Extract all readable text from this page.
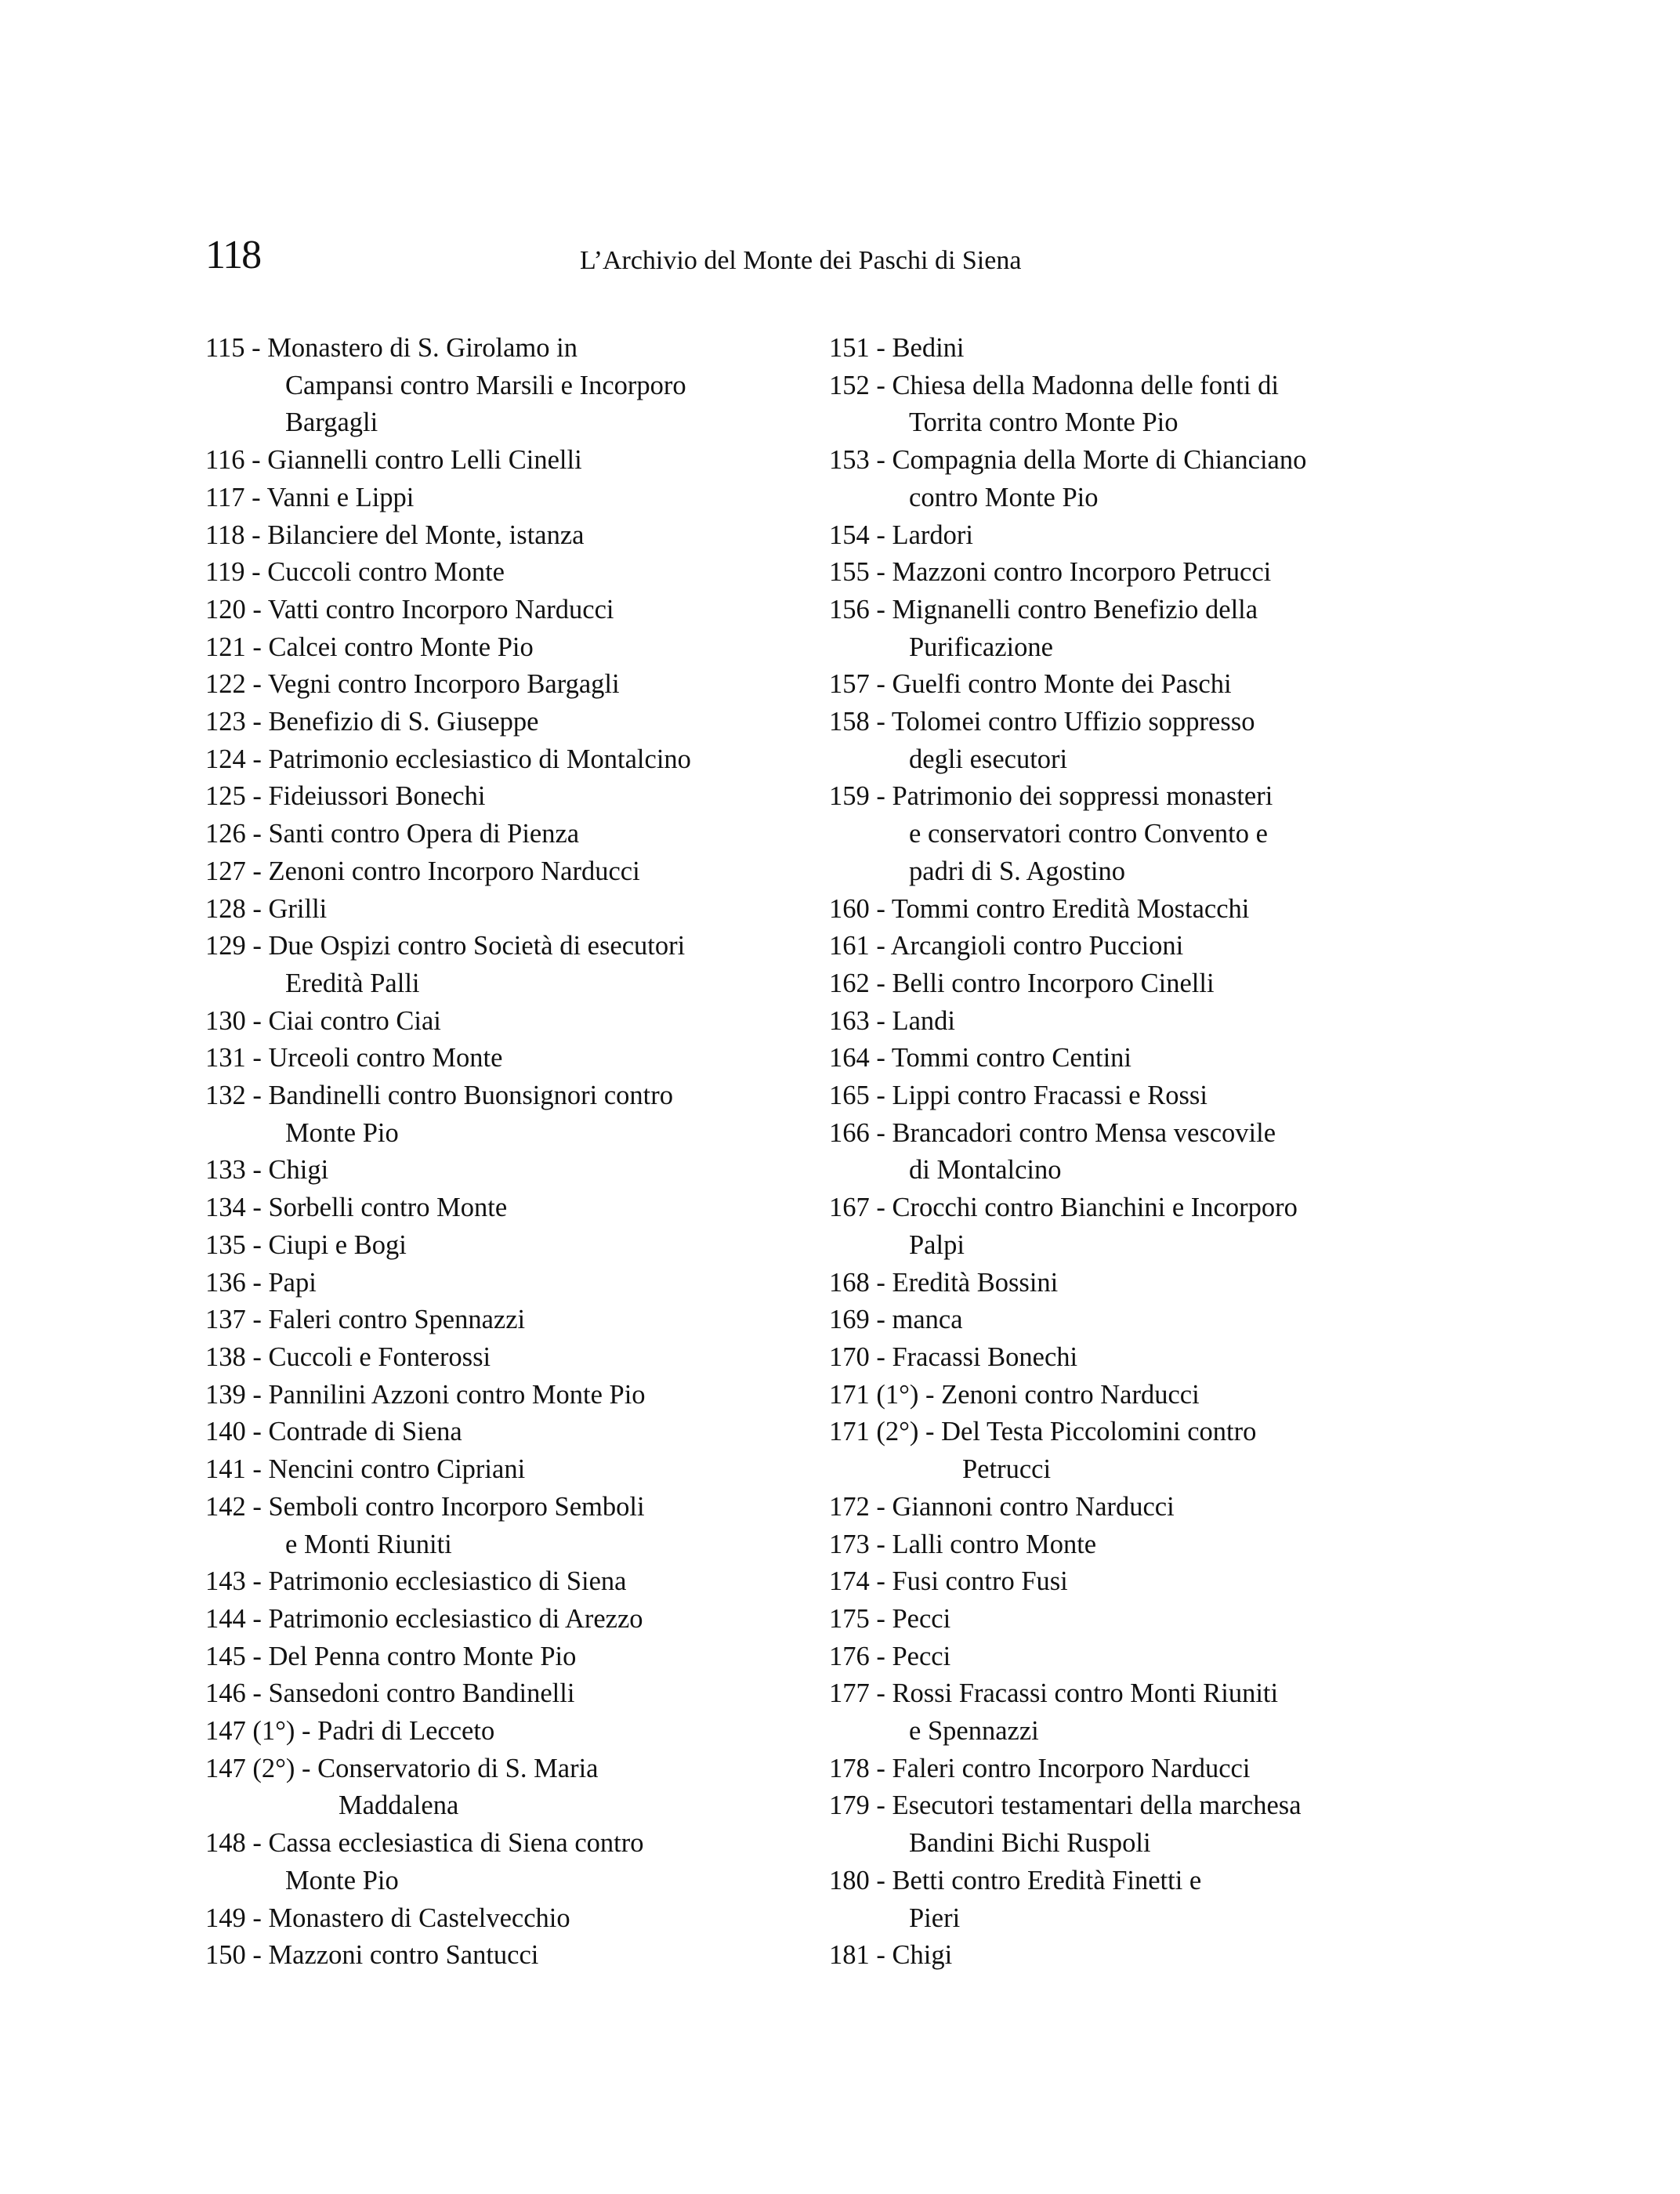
118	L’Archivio del Monte dei Paschi di Siena
115 - Monastero di S. Girolamo in
Campansi contro Marsili e Incorporo
Bargagli
116 - Giannelli contro Lelli Cinelli
117 - Vanni e Lippi
118 - Bilanciere del Monte, istanza
119 - Cuccoli contro Monte
120 - Vatti contro Incorporo Narducci
121 - Calcei contro Monte Pio
122 - Vegni contro Incorporo Bargagli
123 - Benefizio di S. Giuseppe
124 - Patrimonio ecclesiastico di Montalcino
125 - Fideiussori Bonechi
126 - Santi contro Opera di Pienza
127 - Zenoni contro Incorporo Narducci
128 - Grilli
129 - Due Ospizi contro Società di esecutori
Eredità Palli
130 - Ciai contro Ciai
131 - Urceoli contro Monte
132 - Bandinelli contro Buonsignori contro
Monte Pio
133 - Chigi
134 - Sorbelli contro Monte
135 - Ciupi e Bogi
136 - Papi
137 - Faleri contro Spennazzi
138 - Cuccoli e Fonterossi
139 - Pannilini Azzoni contro Monte Pio
140 - Contrade di Siena
141 - Nencini contro Cipriani
142 - Semboli contro Incorporo Semboli
e Monti Riuniti
143 - Patrimonio ecclesiastico di Siena
144 - Patrimonio ecclesiastico di Arezzo
145 - Del Penna contro Monte Pio
146 - Sansedoni contro Bandinelli
147 (1°) - Padri di Lecceto
147 (2°) - Conservatorio di S. Maria
Maddalena
148 - Cassa ecclesiastica di Siena contro
Monte Pio
149 - Monastero di Castelvecchio
150 - Mazzoni contro Santucci
151 - Bedini
152 - Chiesa della Madonna delle fonti di
Torrita contro Monte Pio
153 - Compagnia della Morte di Chianciano
contro Monte Pio
154 - Lardori
155 - Mazzoni contro Incorporo Petrucci
156 - Mignanelli contro Benefizio della
Purificazione
157 - Guelfi contro Monte dei Paschi
158 - Tolomei contro Uffizio soppresso
degli esecutori
159 - Patrimonio dei soppressi monasteri
e conservatori contro Convento e
padri di S. Agostino
160 - Tommi contro Eredità Mostacchi
161 - Arcangioli contro Puccioni
162 - Belli contro Incorporo Cinelli
163 - Landi
164 - Tommi contro Centini
165 - Lippi contro Fracassi e Rossi
166 - Brancadori contro Mensa vescovile
di Montalcino
167 - Crocchi contro Bianchini e Incorporo
Palpi
168 - Eredità Bossini
169 - manca
170 - Fracassi Bonechi
171 (1°) - Zenoni contro Narducci
171 (2°) - Del Testa Piccolomini contro
Petrucci
172 - Giannoni contro Narducci
173 - Lalli contro Monte
174 - Fusi contro Fusi
175 - Pecci
176 - Pecci
177 - Rossi Fracassi contro Monti Riuniti
e Spennazzi
178 - Faleri contro Incorporo Narducci
179 - Esecutori testamentari della marchesa
Bandini Bichi Ruspoli
180 - Betti contro Eredità Finetti e
Pieri
181 - Chigi
